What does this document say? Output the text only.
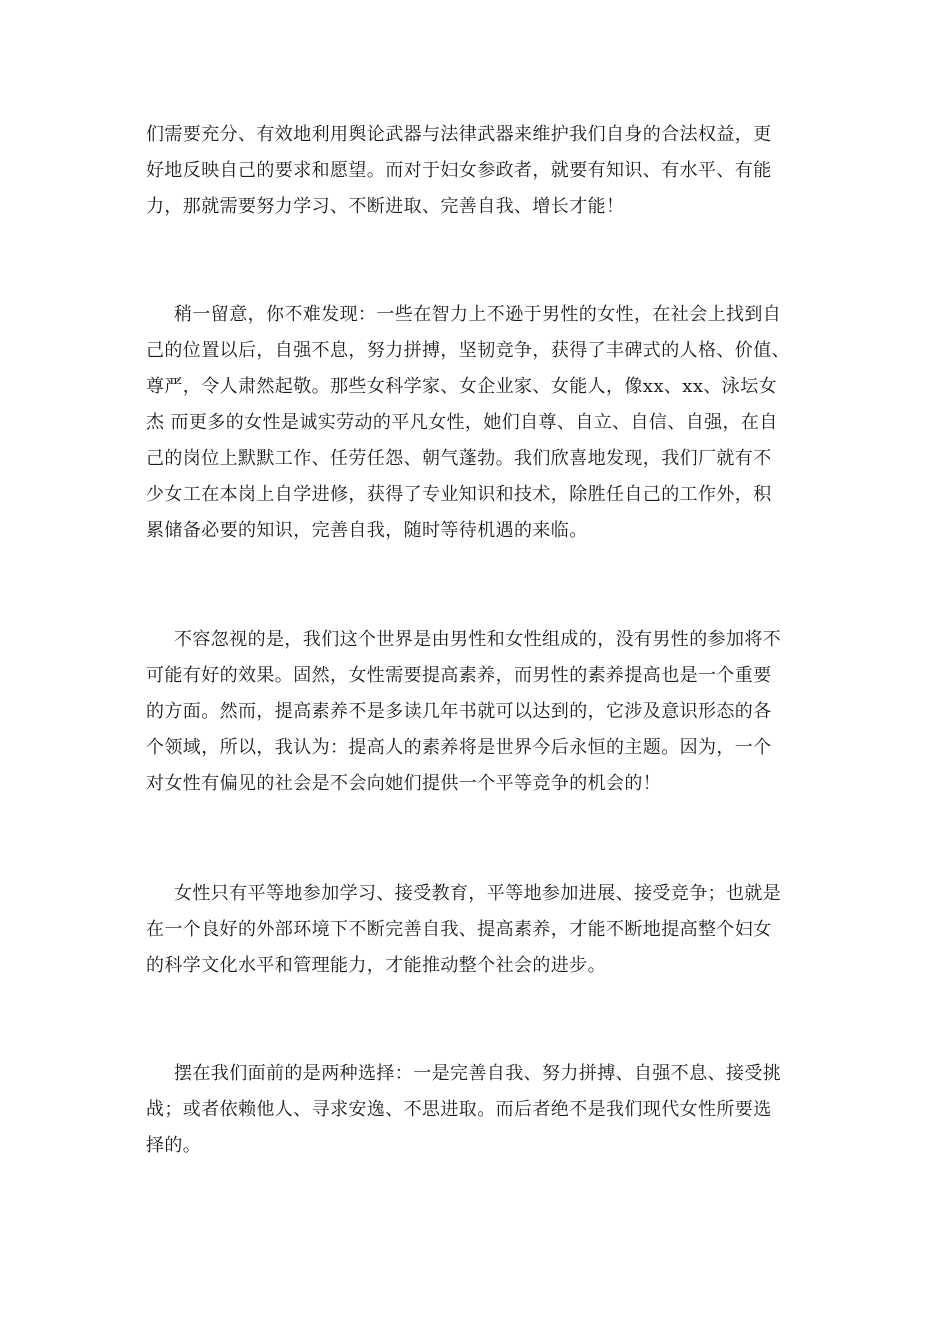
们需要充分、有效地利用舆论武器与法律武器来维护我们自身的合法权益，更
好地反映自己的要求和愿望。而对于妇女参政者，就要有知识、有水平、有能
力，那就需要努力学习、不断进取、完善自我、增长才能！
稍一留意，你不难发现：一些在智力上不逊于男性的女性，在社会上找到自
己的位置以后，自强不息，努力拼搏，坚韧竞争，获得了丰碑式的人格、价值、
尊严，令人肃然起敬。那些女科学家、女企业家、女能人，像xx、xx、泳坛女
杰 而更多的女性是诚实劳动的平凡女性，她们自尊、自立、自信、自强，在自
己的岗位上默默工作、任劳任怨、朝气蓬勃。我们欣喜地发现，我们厂就有不
少女工在本岗上自学进修，获得了专业知识和技术，除胜任自己的工作外，积
累储备必要的知识，完善自我，随时等待机遇的来临。
不容忽视的是，我们这个世界是由男性和女性组成的，没有男性的参加将不
可能有好的效果。固然，女性需要提高素养，而男性的素养提高也是一个重要
的方面。然而，提高素养不是多读几年书就可以达到的，它涉及意识形态的各
个领域，所以，我认为：提高人的素养将是世界今后永恒的主题。因为，一个
对女性有偏见的社会是不会向她们提供一个平等竞争的机会的！
女性只有平等地参加学习、接受教育，平等地参加进展、接受竞争；也就是
在一个良好的外部环境下不断完善自我、提高素养，才能不断地提高整个妇女
的科学文化水平和管理能力，才能推动整个社会的进步。
摆在我们面前的是两种选择：一是完善自我、努力拼搏、自强不息、接受挑
战；或者依赖他人、寻求安逸、不思进取。而后者绝不是我们现代女性所要选
择的。
